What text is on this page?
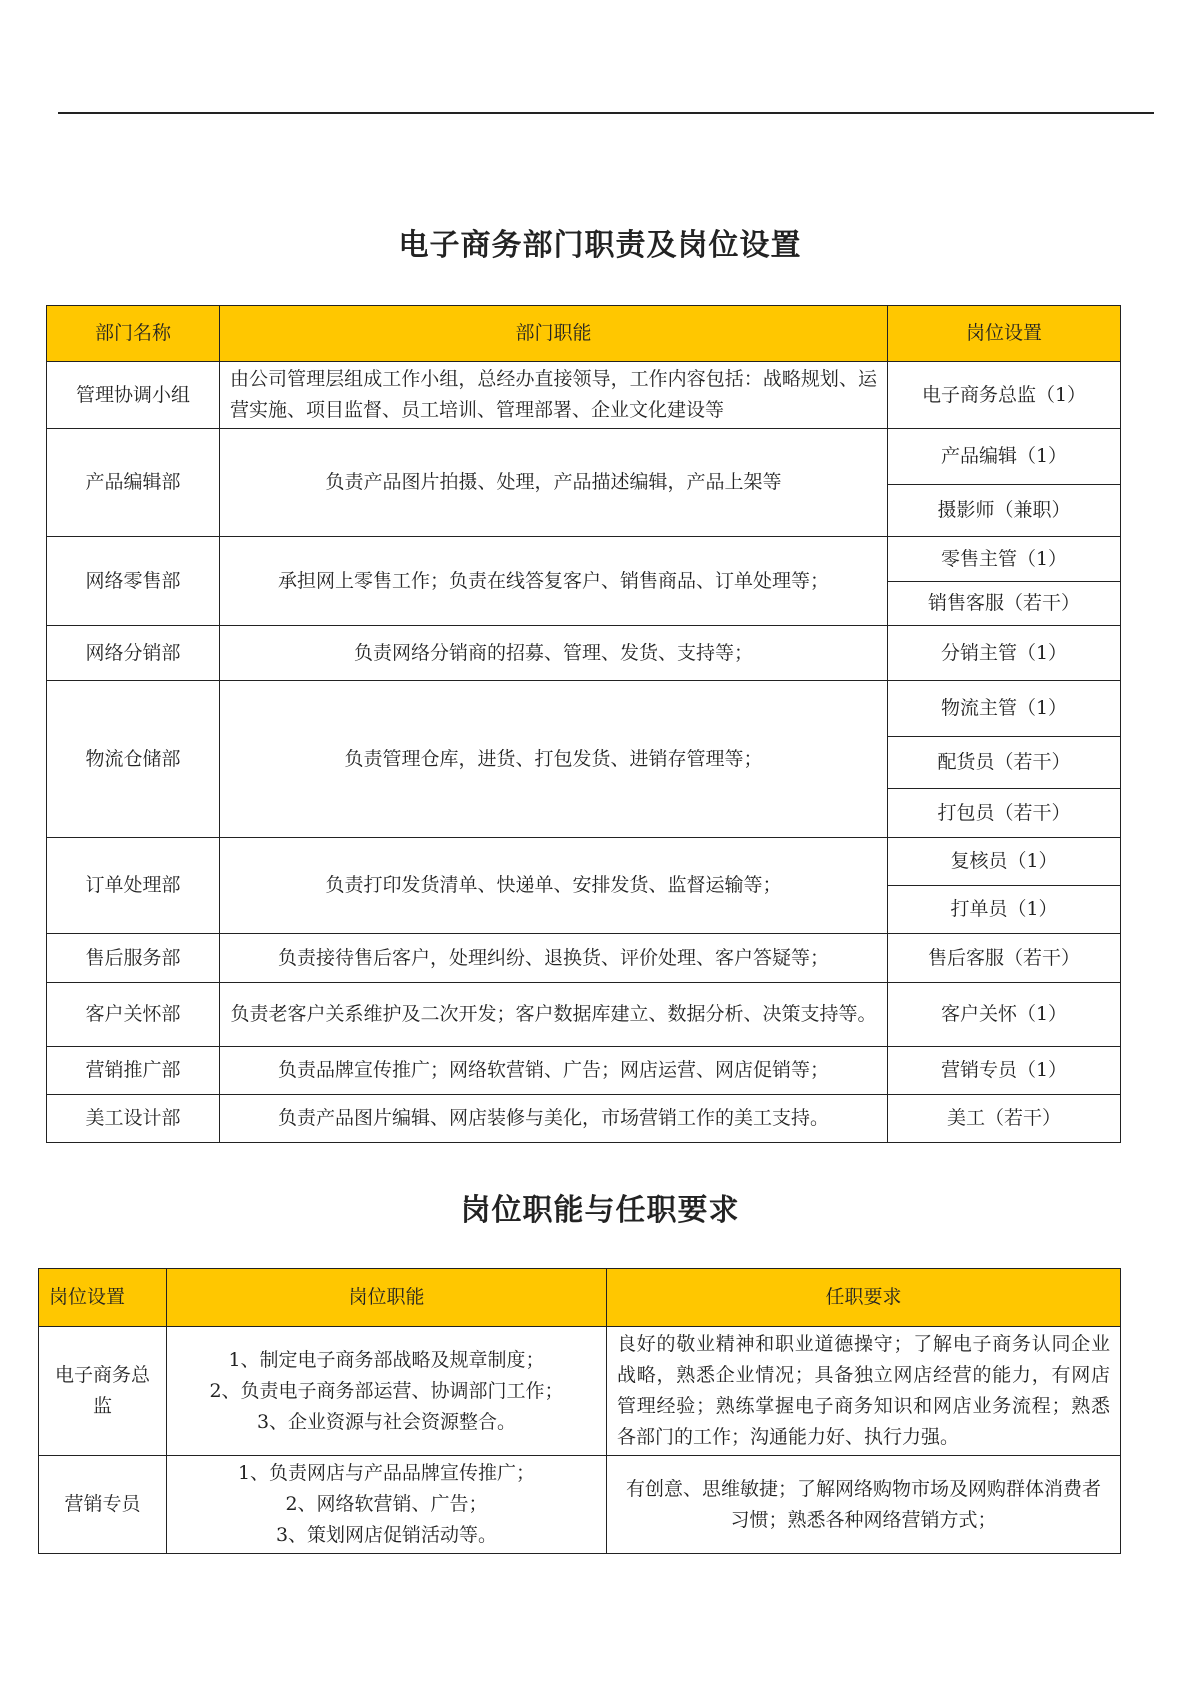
电子商务部门职责及岗位设置
部门名称	部门职能	岗位设置
管理协调小组	由公司管理层组成工作小组，总经办直接领导，工作内容包括：战略规划、运营实施、项目监督、员工培训、管理部署、企业文化建设等	电子商务总监（1）
产品编辑部	负责产品图片拍摄、处理，产品描述编辑，产品上架等	产品编辑（1）
		摄影师（兼职）
网络零售部	承担网上零售工作；负责在线答复客户、销售商品、订单处理等；	零售主管（1）
		销售客服（若干）
网络分销部	负责网络分销商的招募、管理、发货、支持等；	分销主管（1）
物流仓储部	负责管理仓库，进货、打包发货、进销存管理等；	物流主管（1）
		配货员（若干）
		打包员（若干）
订单处理部	负责打印发货清单、快递单、安排发货、监督运输等；	复核员（1）
		打单员（1）
售后服务部	负责接待售后客户，处理纠纷、退换货、评价处理、客户答疑等；	售后客服（若干）
客户关怀部	负责老客户关系维护及二次开发；客户数据库建立、数据分析、决策支持等。	客户关怀（1）
营销推广部	负责品牌宣传推广；网络软营销、广告；网店运营、网店促销等；	营销专员（1）
美工设计部	负责产品图片编辑、网店装修与美化，市场营销工作的美工支持。	美工（若干）
岗位职能与任职要求
岗位设置	岗位职能	任职要求
电子商务总监	1、制定电子商务部战略及规章制度；
2、负责电子商务部运营、协调部门工作；
3、企业资源与社会资源整合。	良好的敬业精神和职业道德操守；了解电子商务认同企业战略，熟悉企业情况；具备独立网店经营的能力，有网店管理经验；熟练掌握电子商务知识和网店业务流程；熟悉各部门的工作；沟通能力好、执行力强。
营销专员	1、负责网店与产品品牌宣传推广；
2、网络软营销、广告；
3、策划网店促销活动等。	有创意、思维敏捷；了解网络购物市场及网购群体消费者习惯；熟悉各种网络营销方式；
